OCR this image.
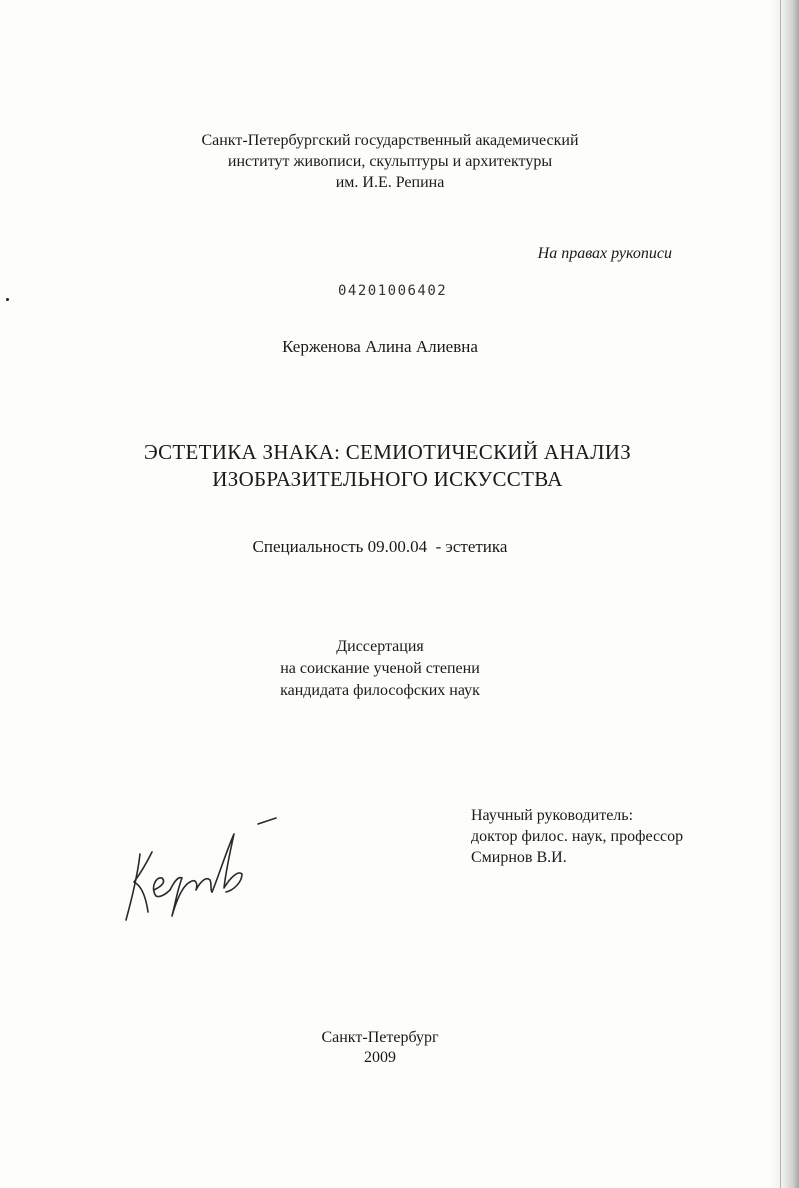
Санкт-Петербургский государственный академический
институт живописи, скульптуры и архитектуры
им. И.Е. Репина
На правах рукописи
04201006402
Керженова Алина Алиевна
ЭСТЕТИКА ЗНАКА: СЕМИОТИЧЕСКИЙ АНАЛИЗ
ИЗОБРАЗИТЕЛЬНОГО ИСКУССТВА
Специальность 09.00.04  - эстетика
Диссертация
на соискание ученой степени
кандидата философских наук
Научный руководитель:
доктор филос. наук, профессор
Смирнов В.И.
Санкт-Петербург
2009
